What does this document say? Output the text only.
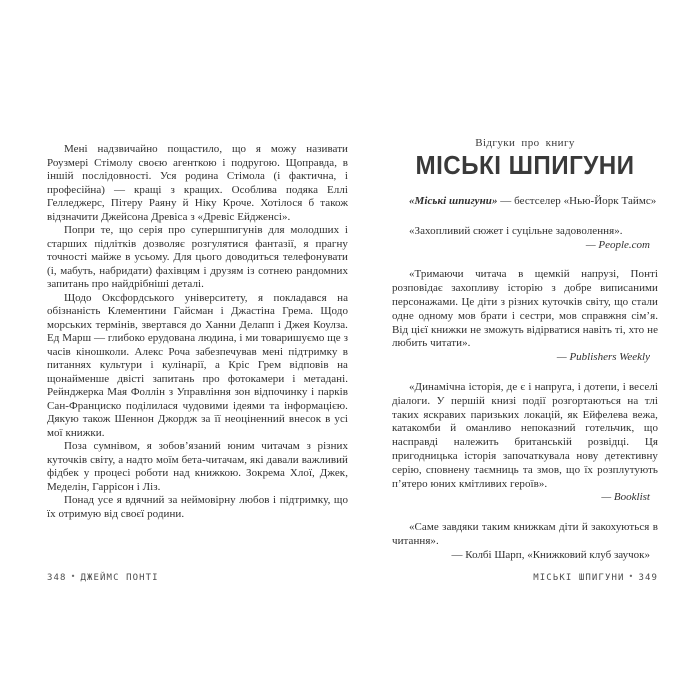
Мені надзвичайно пощастило, що я можу називати Роузмері Стімолу своєю агенткою і подругою. Щоправда, в іншій послідовності. Уся родина Стімола (і фактична, і професійна) — кращі з кращих. Особлива подяка Еллі Гелледжерс, Пітеру Раяну й Ніку Кроче. Хотілося б також відзначити Джейсона Древіса з «Древіс Ейдженсі».

Попри те, що серія про супершпигунів для молодших і старших підлітків дозволяє розгулятися фантазії, я прагну точності майже в усьому. Для цього доводиться телефонувати (і, мабуть, набридати) фахівцям і друзям із сотнею рандомних запитань про найдрібніші деталі.

Щодо Оксфордського університету, я покладався на обізнаність Клементини Гайсман і Джастіна Грема. Щодо морських термінів, звертався до Ханни Делапп і Джея Коулза. Ед Марш — глибоко ерудована людина, і ми товаришуємо ще з часів кіношколи. Алекс Роча забезпечував мені підтримку в питаннях культури і кулінарії, а Кріс Грем відповів на щонайменше двісті запитань про фотокамери і метадані. Рейнджерка Мая Фоллін з Управління зон відпочинку і парків Сан-Франциско поділилася чудовими ідеями та інформацією. Дякую також Шеннон Джордж за її неоціненний внесок в усі мої книжки.

Поза сумнівом, я зобов’язаний юним читачам з різних куточків світу, а надто моїм бета-читачам, які давали важливий фідбек у процесі роботи над книжкою. Зокрема Хлої, Джек, Меделін, Гаррісон і Ліз.

Понад усе я вдячний за неймовірну любов і підтримку, що їх отримую від своєї родини.

Відгуки про книгу

МІСЬКІ ШПИГУНИ

«Міські шпигуни» — бестселер «Нью-Йорк Таймс»

«Захопливий сюжет і суцільне задоволення».

— People.com

«Тримаючи читача в щемкій напрузі, Понті розповідає захопливу історію з добре виписаними персонажами. Це діти з різних куточків світу, що стали одне одному мов брати і сестри, мов справжня сім’я. Від цієї книжки не зможуть відірватися навіть ті, хто не любить читати».

— Publishers Weekly

«Динамічна історія, де є і напруга, і дотепи, і веселі діалоги. У першій книзі події розгортаються на тлі таких яскравих паризьких локацій, як Ейфелева вежа, катакомби й оманливо непоказний готельчик, що насправді належить британській розвідці. Ця пригодницька історія започаткувала нову детективну серію, сповнену таємниць та змов, що їх розплутують п’ятеро юних кмітливих героїв».

— Booklist

«Саме завдяки таким книжкам діти й закохуються в читання».

— Колбі Шарп, «Книжковий клуб заучок»

348 • ДЖЕЙМС ПОНТІ	МІСЬКІ ШПИГУНИ • 349
